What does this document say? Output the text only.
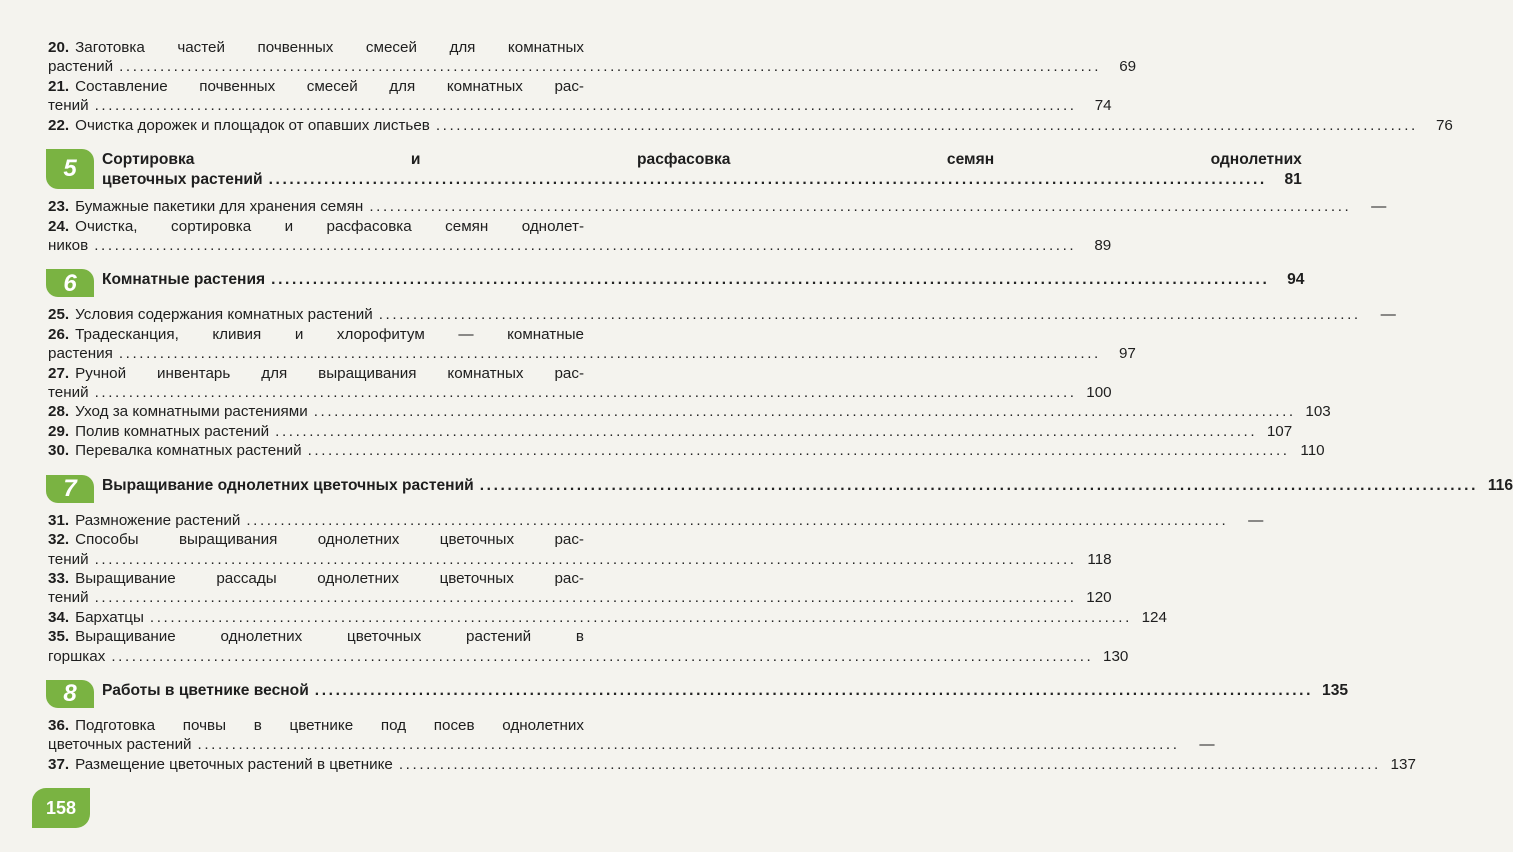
20. Заготовка частей почвенных смесей для комнатных
растений .....	69
21. Составление почвенных смесей для комнатных рас-
тений .....	74
22. Очистка дорожек и площадок от опавших листьев .....	76
5	Сортировка и расфасовка семян однолетних
цветочных растений .....	81
23. Бумажные пакетики для хранения семян .....	—
24. Очистка, сортировка и расфасовка семян однолет-
ников .....	89
6	Комнатные растения .....	94
25. Условия содержания комнатных растений .....	—
26. Традесканция, кливия и хлорофитум — комнатные
растения .....	97
27. Ручной инвентарь для выращивания комнатных рас-
тений .....	100
28. Уход за комнатными растениями .....	103
29. Полив комнатных растений .....	107
30. Перевалка комнатных растений .....	110
7	Выращивание однолетних цветочных растений .....	116
31. Размножение растений .....	—
32. Способы выращивания однолетних цветочных рас-
тений .....	118
33. Выращивание рассады однолетних цветочных рас-
тений .....	120
34. Бархатцы .....	124
35. Выращивание однолетних цветочных растений в
горшках .....	130
8	Работы в цветнике весной .....	135
36. Подготовка почвы в цветнике под посев однолетних
цветочных растений .....	—
37. Размещение цветочных растений в цветнике .....	137
158
